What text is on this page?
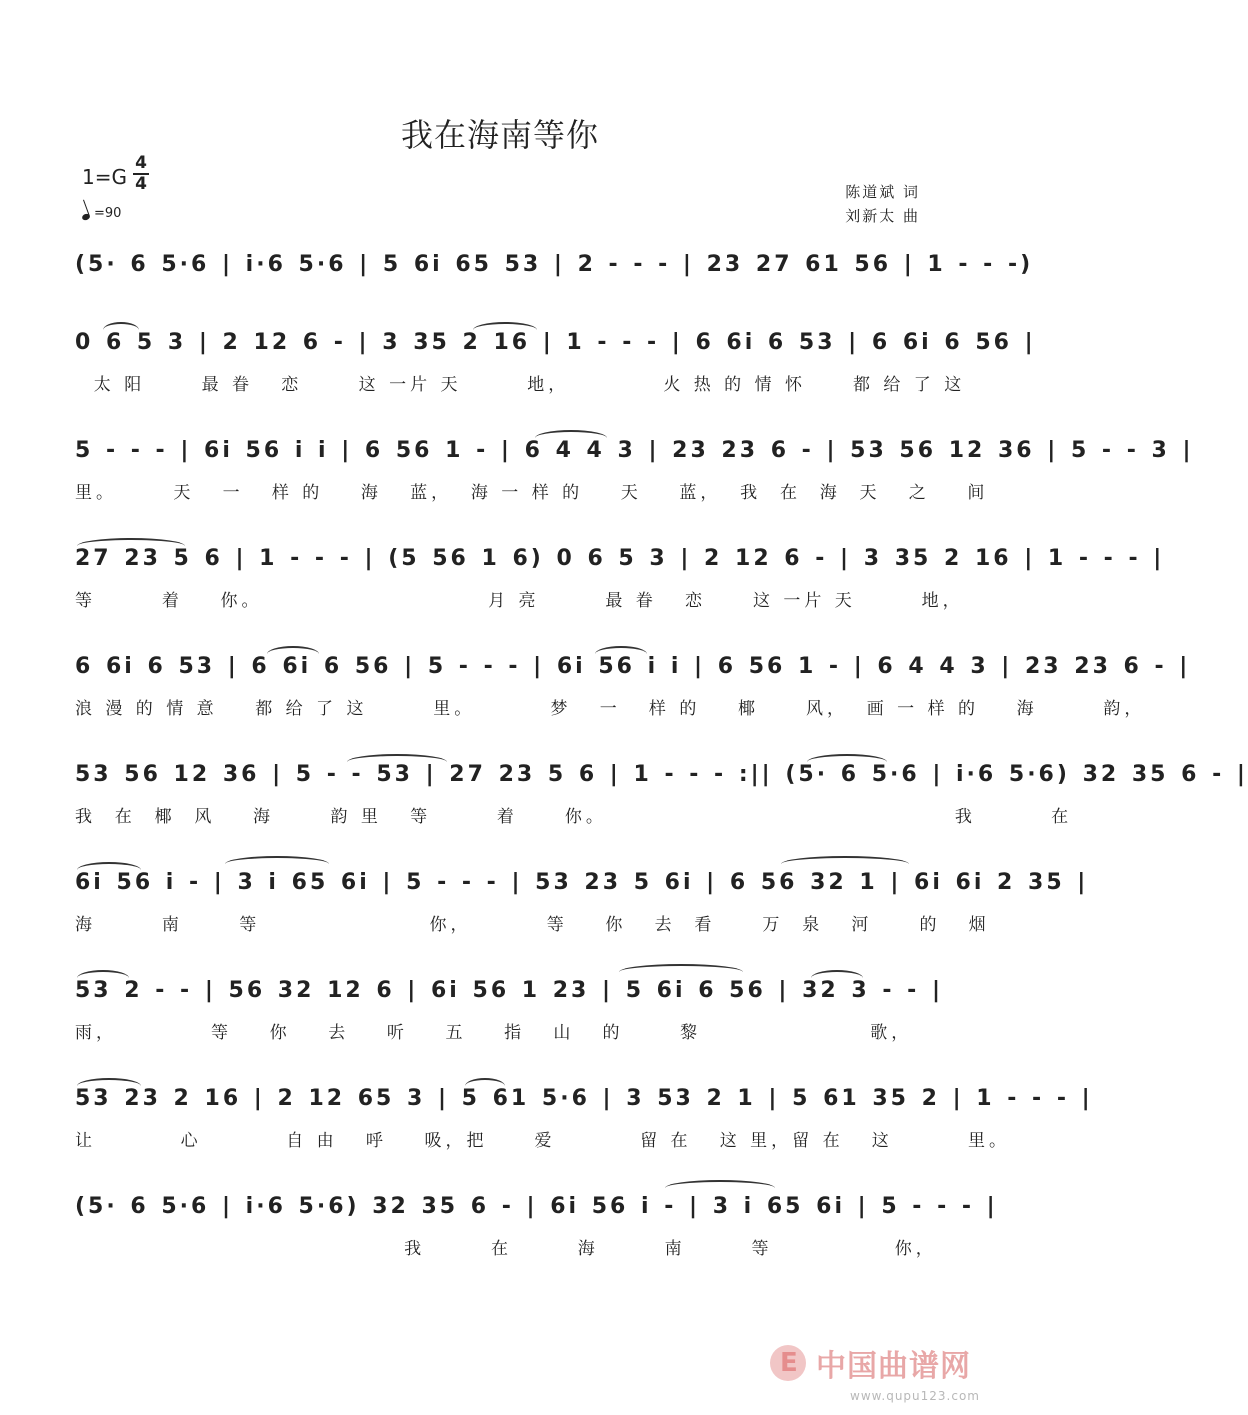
我在海南等你
1=G
4
4
=90
陈道斌 词
刘新太 曲
(5· 6 5·6 | i·6 5·6 | 5 6i 65 53 | 2 - - - | 23 27 61 56 | 1 - - -)
0 6 5 3 | 2 12 6 - | 3 35 2 16 | 1 - - - | 6 6i 6 53 | 6 6i 6 56 |
太 阳      最 眷   恋      这 一片 天       地，          火 热 的 情 怀     都 给 了 这
5 - - - | 6i 56 i i | 6 56 1 - | 6 4 4 3 | 23 23 6 - | 53 56 12 36 | 5 - - 3 |
里。      天   一   样 的    海   蓝，  海 一 样 的    天    蓝，  我  在  海  天   之    间
27 23 5 6 | 1 - - - | (5 56 1 6) 0 6 5 3 | 2 12 6 - | 3 35 2 16 | 1 - - - |
等       着    你。                        月 亮       最 眷   恋     这 一片 天       地，
6 6i 6 53 | 6 6i 6 56 | 5 - - - | 6i 56 i i | 6 56 1 - | 6 4 4 3 | 23 23 6 - |
浪 漫 的 情 意    都 给 了 这       里。        梦   一   样 的    椰     风，  画 一 样 的    海       韵，
53 56 12 36 | 5 - - 53 | 27 23 5 6 | 1 - - - :|| (5· 6 5·6 | i·6 5·6) 32 35 6 - |
我  在  椰  风    海      韵 里   等       着     你。                                     我        在
6i 56 i - | 3 i 65 6i | 5 - - - | 53 23 5 6i | 6 56 32 1 | 6i 6i 2 35 |
海       南      等                  你，        等    你   去  看     万  泉   河     的   烟
53 2 - - | 56 32 12 6 | 6i 56 1 23 | 5 6i 6 56 | 32 3 - - |
雨，          等    你    去    听    五    指   山   的      黎                  歌，
53 23 2 16 | 2 12 65 3 | 5 61 5·6 | 3 53 2 1 | 5 61 35 2 | 1 - - - |
让         心         自 由   呼    吸，把     爱         留 在   这 里，留 在   这        里。
(5· 6 5·6 | i·6 5·6) 32 35 6 - | 6i 56 i - | 3 i 65 6i | 5 - - - |
我       在       海       南       等             你，
E
中国曲谱网
www.qupu123.com
